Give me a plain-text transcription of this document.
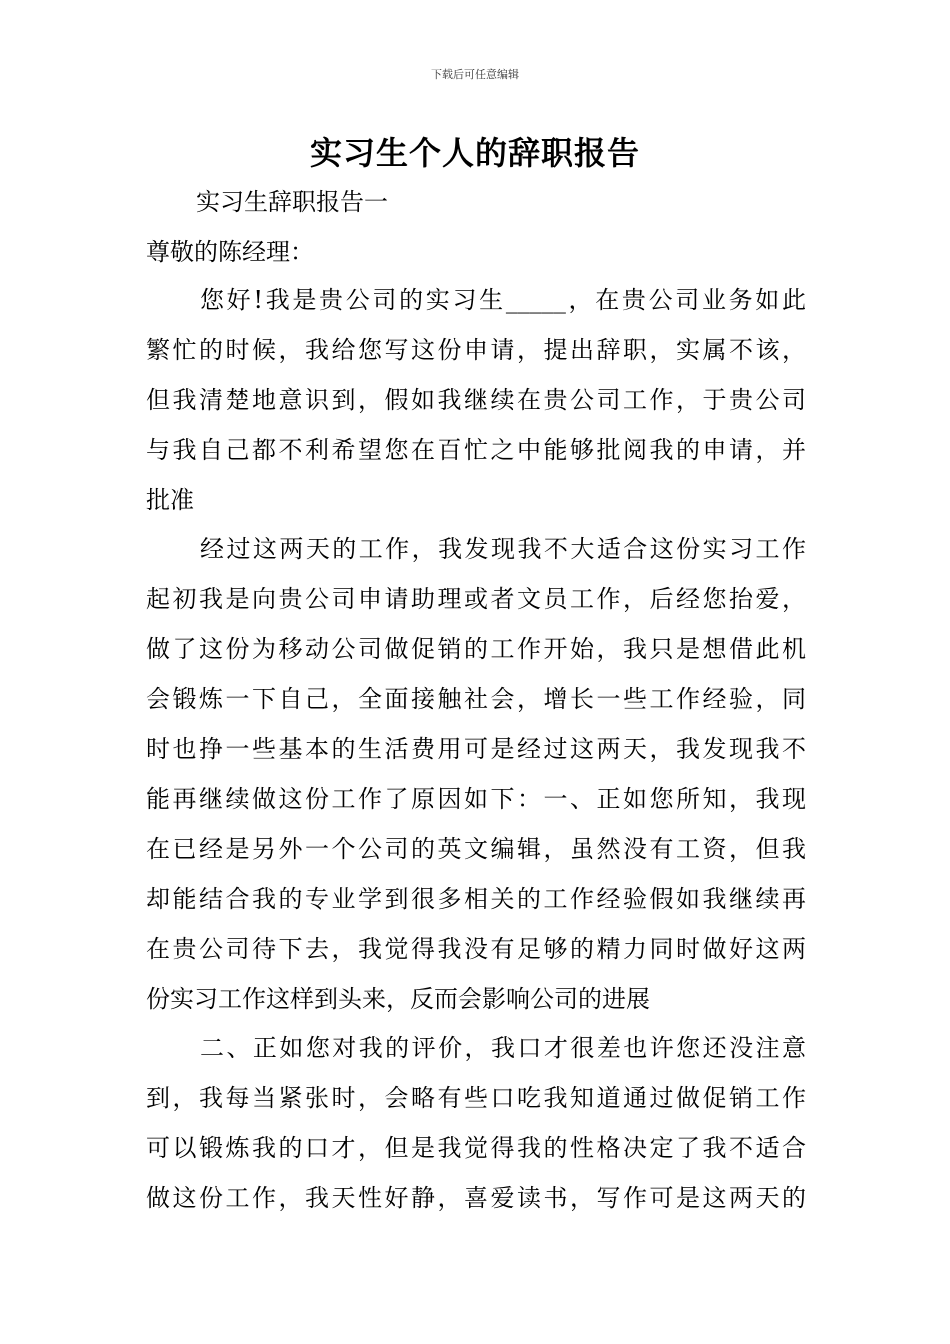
下载后可任意编辑
实习生个人的辞职报告
实习生辞职报告一
尊敬的陈经理：
您好!我是贵公司的实习生_____，在贵公司业务如此
繁忙的时候，我给您写这份申请，提出辞职，实属不该，
但我清楚地意识到，假如我继续在贵公司工作，于贵公司
与我自己都不利希望您在百忙之中能够批阅我的申请，并
批准
经过这两天的工作，我发现我不大适合这份实习工作
起初我是向贵公司申请助理或者文员工作，后经您抬爱，
做了这份为移动公司做促销的工作开始，我只是想借此机
会锻炼一下自己，全面接触社会，增长一些工作经验，同
时也挣一些基本的生活费用可是经过这两天，我发现我不
能再继续做这份工作了原因如下：一、正如您所知，我现
在已经是另外一个公司的英文编辑，虽然没有工资，但我
却能结合我的专业学到很多相关的工作经验假如我继续再
在贵公司待下去，我觉得我没有足够的精力同时做好这两
份实习工作这样到头来，反而会影响公司的进展
二、正如您对我的评价，我口才很差也许您还没注意
到，我每当紧张时，会略有些口吃我知道通过做促销工作
可以锻炼我的口才，但是我觉得我的性格决定了我不适合
做这份工作，我天性好静，喜爱读书，写作可是这两天的
